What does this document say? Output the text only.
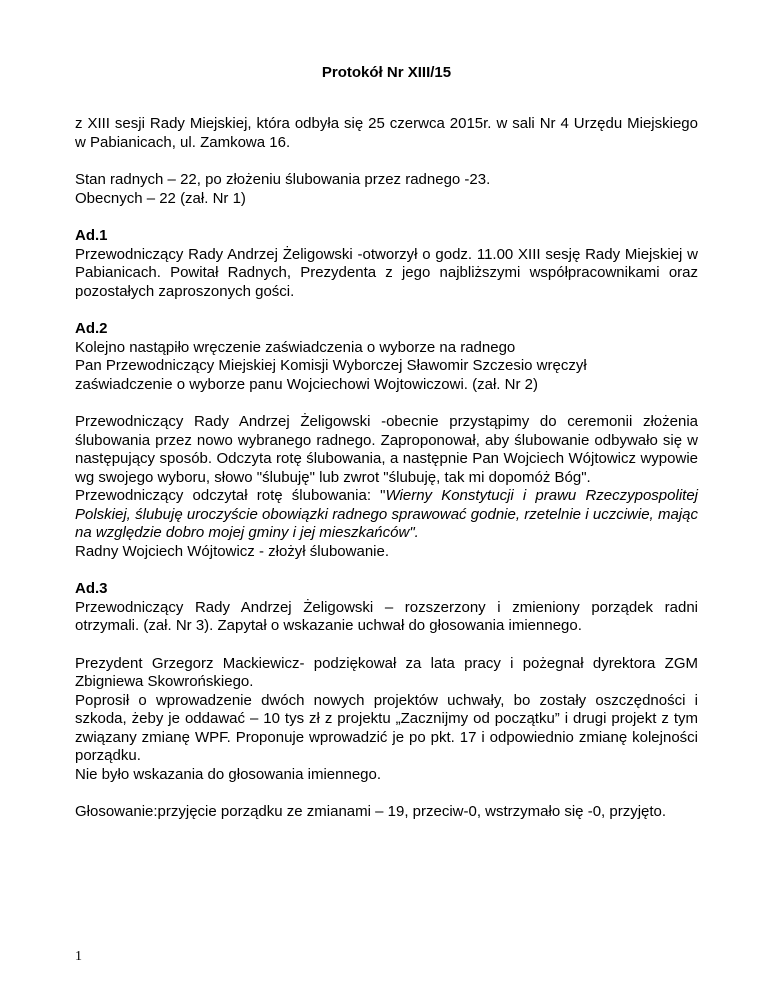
Protokół Nr XIII/15

z XIII sesji Rady Miejskiej, która odbyła się 25 czerwca 2015r. w sali Nr 4 Urzędu Miejskiego w Pabianicach, ul. Zamkowa 16.

Stan radnych – 22, po złożeniu ślubowania przez radnego -23.
Obecnych – 22 (zał. Nr 1)

Ad.1
Przewodniczący Rady Andrzej Żeligowski -otworzył o godz. 11.00 XIII sesję Rady Miejskiej w Pabianicach. Powitał Radnych, Prezydenta z jego najbliższymi współpracownikami oraz pozostałych zaproszonych gości.

Ad.2
Kolejno nastąpiło wręczenie zaświadczenia o wyborze na radnego
Pan Przewodniczący Miejskiej Komisji Wyborczej Sławomir Szczesio wręczył
zaświadczenie o wyborze panu Wojciechowi Wojtowiczowi. (zał. Nr 2)

Przewodniczący Rady Andrzej Żeligowski -obecnie przystąpimy do ceremonii złożenia ślubowania przez nowo wybranego radnego. Zaproponował, aby ślubowanie odbywało się w następujący sposób. Odczyta rotę ślubowania, a następnie Pan Wojciech Wójtowicz wypowie wg swojego wyboru, słowo "ślubuję" lub zwrot "ślubuję, tak mi dopomóż Bóg".
Przewodniczący odczytał rotę ślubowania: "Wierny Konstytucji i prawu Rzeczypospolitej Polskiej, ślubuję uroczyście obowiązki radnego sprawować godnie, rzetelnie i uczciwie, mając na względzie dobro mojej gminy i jej mieszkańców".
Radny Wojciech Wójtowicz - złożył ślubowanie.

Ad.3
Przewodniczący Rady Andrzej Żeligowski – rozszerzony i zmieniony porządek radni otrzymali. (zał. Nr 3). Zapytał o wskazanie uchwał do głosowania imiennego.

Prezydent Grzegorz Mackiewicz- podziękował za lata pracy i pożegnał dyrektora ZGM Zbigniewa Skowrońskiego.
Poprosił o wprowadzenie dwóch nowych projektów uchwały, bo zostały oszczędności i szkoda, żeby je oddawać – 10 tys zł z projektu „Zacznijmy od początku” i drugi projekt z tym związany zmianę WPF. Proponuje wprowadzić je po pkt. 17 i odpowiednio zmianę kolejności porządku.
Nie było wskazania do głosowania imiennego.

Głosowanie:przyjęcie porządku ze zmianami – 19, przeciw-0, wstrzymało się -0, przyjęto.

1
